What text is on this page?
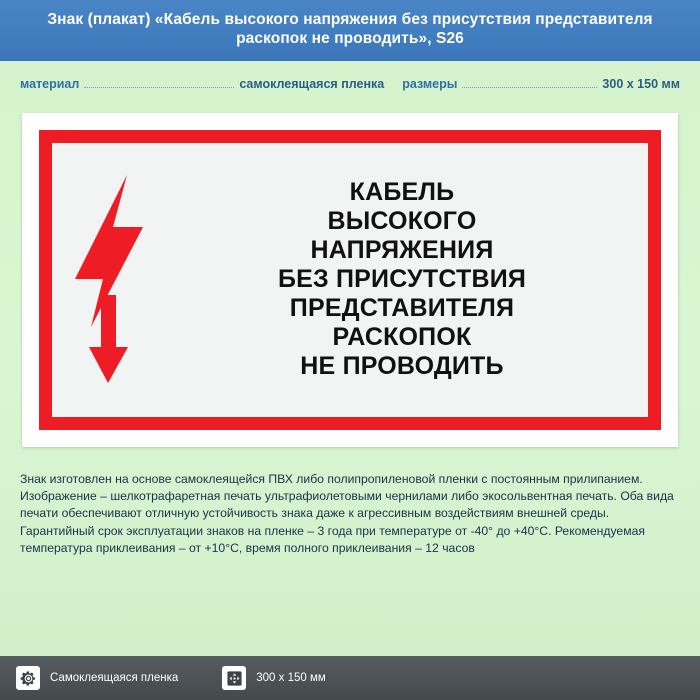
Знак (плакат) «Кабель высокого напряжения без присутствия представителя раскопок не проводить», S26
материал	самоклеящаяся пленка размеры	300 x 150 мм
КАБЕЛЬ
ВЫСОКОГО
НАПРЯЖЕНИЯ
БЕЗ ПРИСУТСТВИЯ
ПРЕДСТАВИТЕЛЯ
РАСКОПОК
НЕ ПРОВОДИТЬ
Знак изготовлен на основе самоклеящейся ПВХ либо полипропиленовой пленки с постоянным прилипанием. Изображение – шелкотрафаретная печать ультрафиолетовыми чернилами либо экосольвентная печать. Оба вида печати обеспечивают отличную устойчивость знака даже к агрессивным воздействиям внешней среды. Гарантийный срок эксплуатации знаков на пленке – 3 года при температуре от -40° до +40°С. Рекомендуемая температура приклеивания – от +10°С, время полного приклеивания – 12 часов
Самоклеящаяся пленка	300 x 150 мм
